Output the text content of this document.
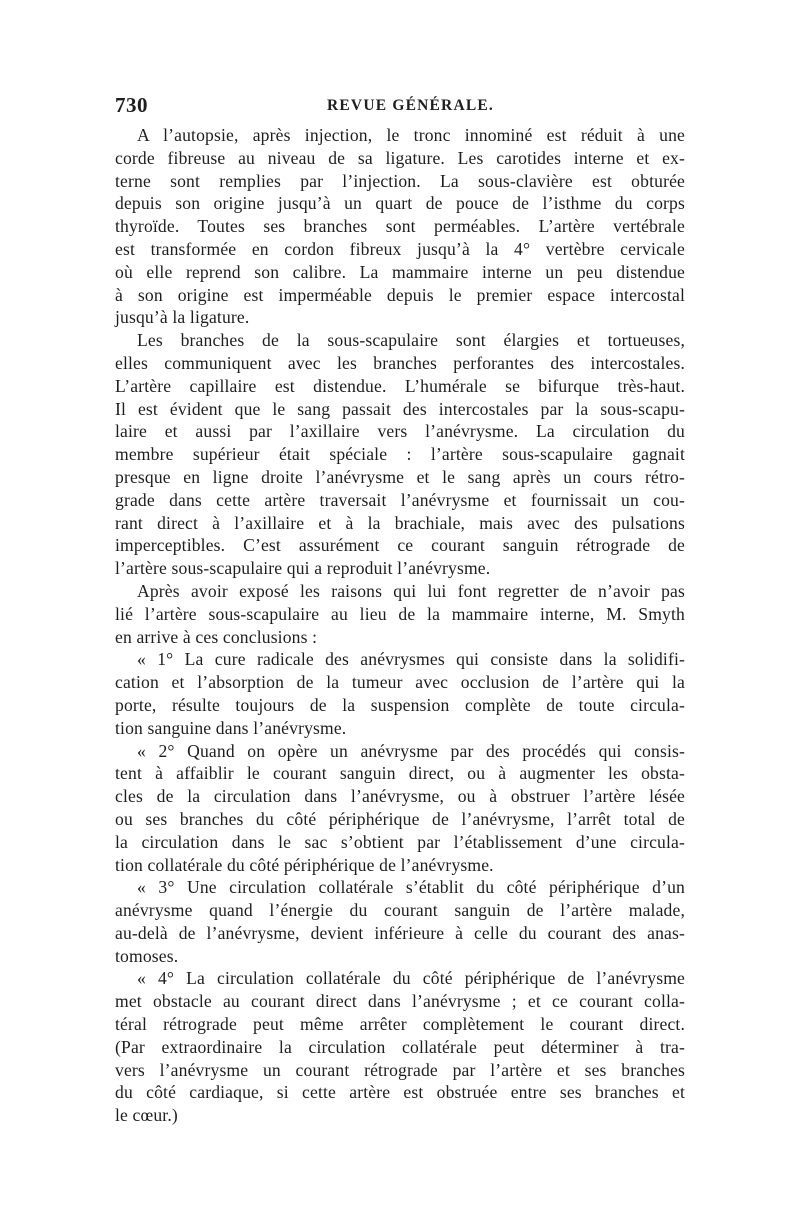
730	REVUE GÉNÉRALE.
A l’autopsie, après injection, le tronc innominé est réduit à une
corde fibreuse au niveau de sa ligature. Les carotides interne et ex-
terne sont remplies par l’injection. La sous-clavière est obturée
depuis son origine jusqu’à un quart de pouce de l’isthme du corps
thyroïde. Toutes ses branches sont perméables. L’artère vertébrale
est transformée en cordon fibreux jusqu’à la 4° vertèbre cervicale
où elle reprend son calibre. La mammaire interne un peu distendue
à son origine est imperméable depuis le premier espace intercostal
jusqu’à la ligature.
Les branches de la sous-scapulaire sont élargies et tortueuses,
elles communiquent avec les branches perforantes des intercostales.
L’artère capillaire est distendue. L’humérale se bifurque très-haut.
Il est évident que le sang passait des intercostales par la sous-scapu-
laire et aussi par l’axillaire vers l’anévrysme. La circulation du
membre supérieur était spéciale : l’artère sous-scapulaire gagnait
presque en ligne droite l’anévrysme et le sang après un cours rétro-
grade dans cette artère traversait l’anévrysme et fournissait un cou-
rant direct à l’axillaire et à la brachiale, mais avec des pulsations
imperceptibles. C’est assurément ce courant sanguin rétrograde de
l’artère sous-scapulaire qui a reproduit l’anévrysme.
Après avoir exposé les raisons qui lui font regretter de n’avoir pas
lié l’artère sous-scapulaire au lieu de la mammaire interne, M. Smyth
en arrive à ces conclusions :
« 1° La cure radicale des anévrysmes qui consiste dans la solidifi-
cation et l’absorption de la tumeur avec occlusion de l’artère qui la
porte, résulte toujours de la suspension complète de toute circula-
tion sanguine dans l’anévrysme.
« 2° Quand on opère un anévrysme par des procédés qui consis-
tent à affaiblir le courant sanguin direct, ou à augmenter les obsta-
cles de la circulation dans l’anévrysme, ou à obstruer l’artère lésée
ou ses branches du côté périphérique de l’anévrysme, l’arrêt total de
la circulation dans le sac s’obtient par l’établissement d’une circula-
tion collatérale du côté périphérique de l’anévrysme.
« 3° Une circulation collatérale s’établit du côté périphérique d’un
anévrysme quand l’énergie du courant sanguin de l’artère malade,
au-delà de l’anévrysme, devient inférieure à celle du courant des anas-
tomoses.
« 4° La circulation collatérale du côté périphérique de l’anévrysme
met obstacle au courant direct dans l’anévrysme ; et ce courant colla-
téral rétrograde peut même arrêter complètement le courant direct.
(Par extraordinaire la circulation collatérale peut déterminer à tra-
vers l’anévrysme un courant rétrograde par l’artère et ses branches
du côté cardiaque, si cette artère est obstruée entre ses branches et
le cœur.)
